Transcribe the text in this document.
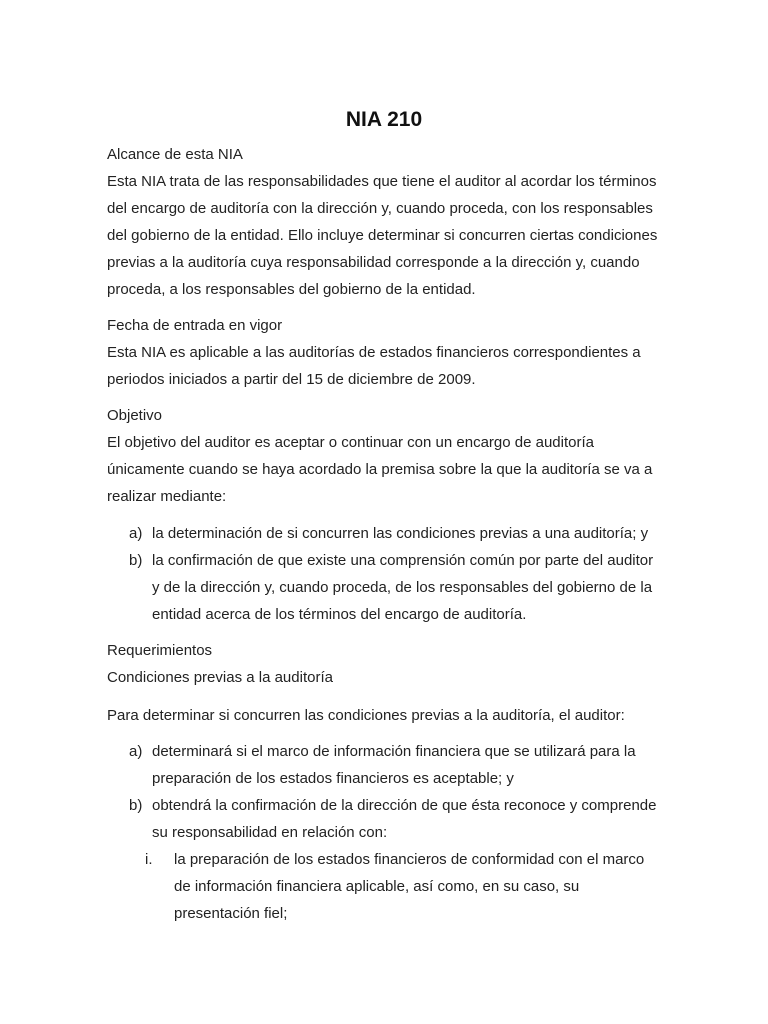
NIA 210
Alcance de esta NIA
Esta NIA trata de las responsabilidades que tiene el auditor al acordar los términos
del encargo de auditoría con la dirección y, cuando proceda, con los responsables
del gobierno de la entidad. Ello incluye determinar si concurren ciertas condiciones
previas a la auditoría cuya responsabilidad corresponde a la dirección y, cuando
proceda, a los responsables del gobierno de la entidad.
Fecha de entrada en vigor
Esta NIA es aplicable a las auditorías de estados financieros correspondientes a
periodos iniciados a partir del 15 de diciembre de 2009.
Objetivo
El objetivo del auditor es aceptar o continuar con un encargo de auditoría
únicamente cuando se haya acordado la premisa sobre la que la auditoría se va a
realizar mediante:
a) la determinación de si concurren las condiciones previas a una auditoría; y
b) la confirmación de que existe una comprensión común por parte del auditor
y de la dirección y, cuando proceda, de los responsables del gobierno de la
entidad acerca de los términos del encargo de auditoría.
Requerimientos
Condiciones previas a la auditoría
Para determinar si concurren las condiciones previas a la auditoría, el auditor:
a) determinará si el marco de información financiera que se utilizará para la
preparación de los estados financieros es aceptable; y
b) obtendrá la confirmación de la dirección de que ésta reconoce y comprende
su responsabilidad en relación con:
i. la preparación de los estados financieros de conformidad con el marco
de información financiera aplicable, así como, en su caso, su
presentación fiel;
